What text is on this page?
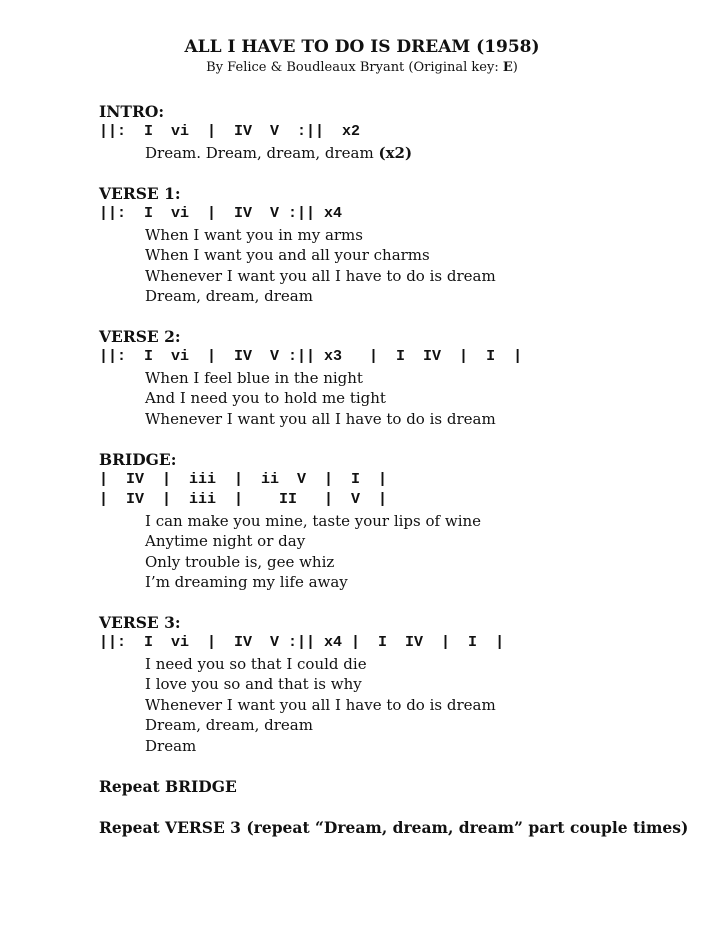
ALL I HAVE TO DO IS DREAM (1958)
By Felice & Boudleaux Bryant (Original key: E)
INTRO:
||:  I  vi  |  IV  V  :||  x2
Dream. Dream, dream, dream (x2)
VERSE 1:
||:  I  vi  |  IV  V :|| x4
When I want you in my arms
When I want you and all your charms
Whenever I want you all I have to do is dream
Dream, dream, dream
VERSE 2:
||:  I  vi  |  IV  V :|| x3   |  I  IV  |  I  |
When I feel blue in the night
And I need you to hold me tight
Whenever I want you all I have to do is dream
BRIDGE:
|  IV  |  iii  |  ii  V  |  I  |
|  IV  |  iii  |    II   |  V  |
I can make you mine, taste your lips of wine
Anytime night or day
Only trouble is, gee whiz
I’m dreaming my life away
VERSE 3:
||:  I  vi  |  IV  V :|| x4 |  I  IV  |  I  |
I need you so that I could die
I love you so and that is why
Whenever I want you all I have to do is dream
Dream, dream, dream
Dream
Repeat BRIDGE
Repeat VERSE 3 (repeat “Dream, dream, dream” part couple times)
